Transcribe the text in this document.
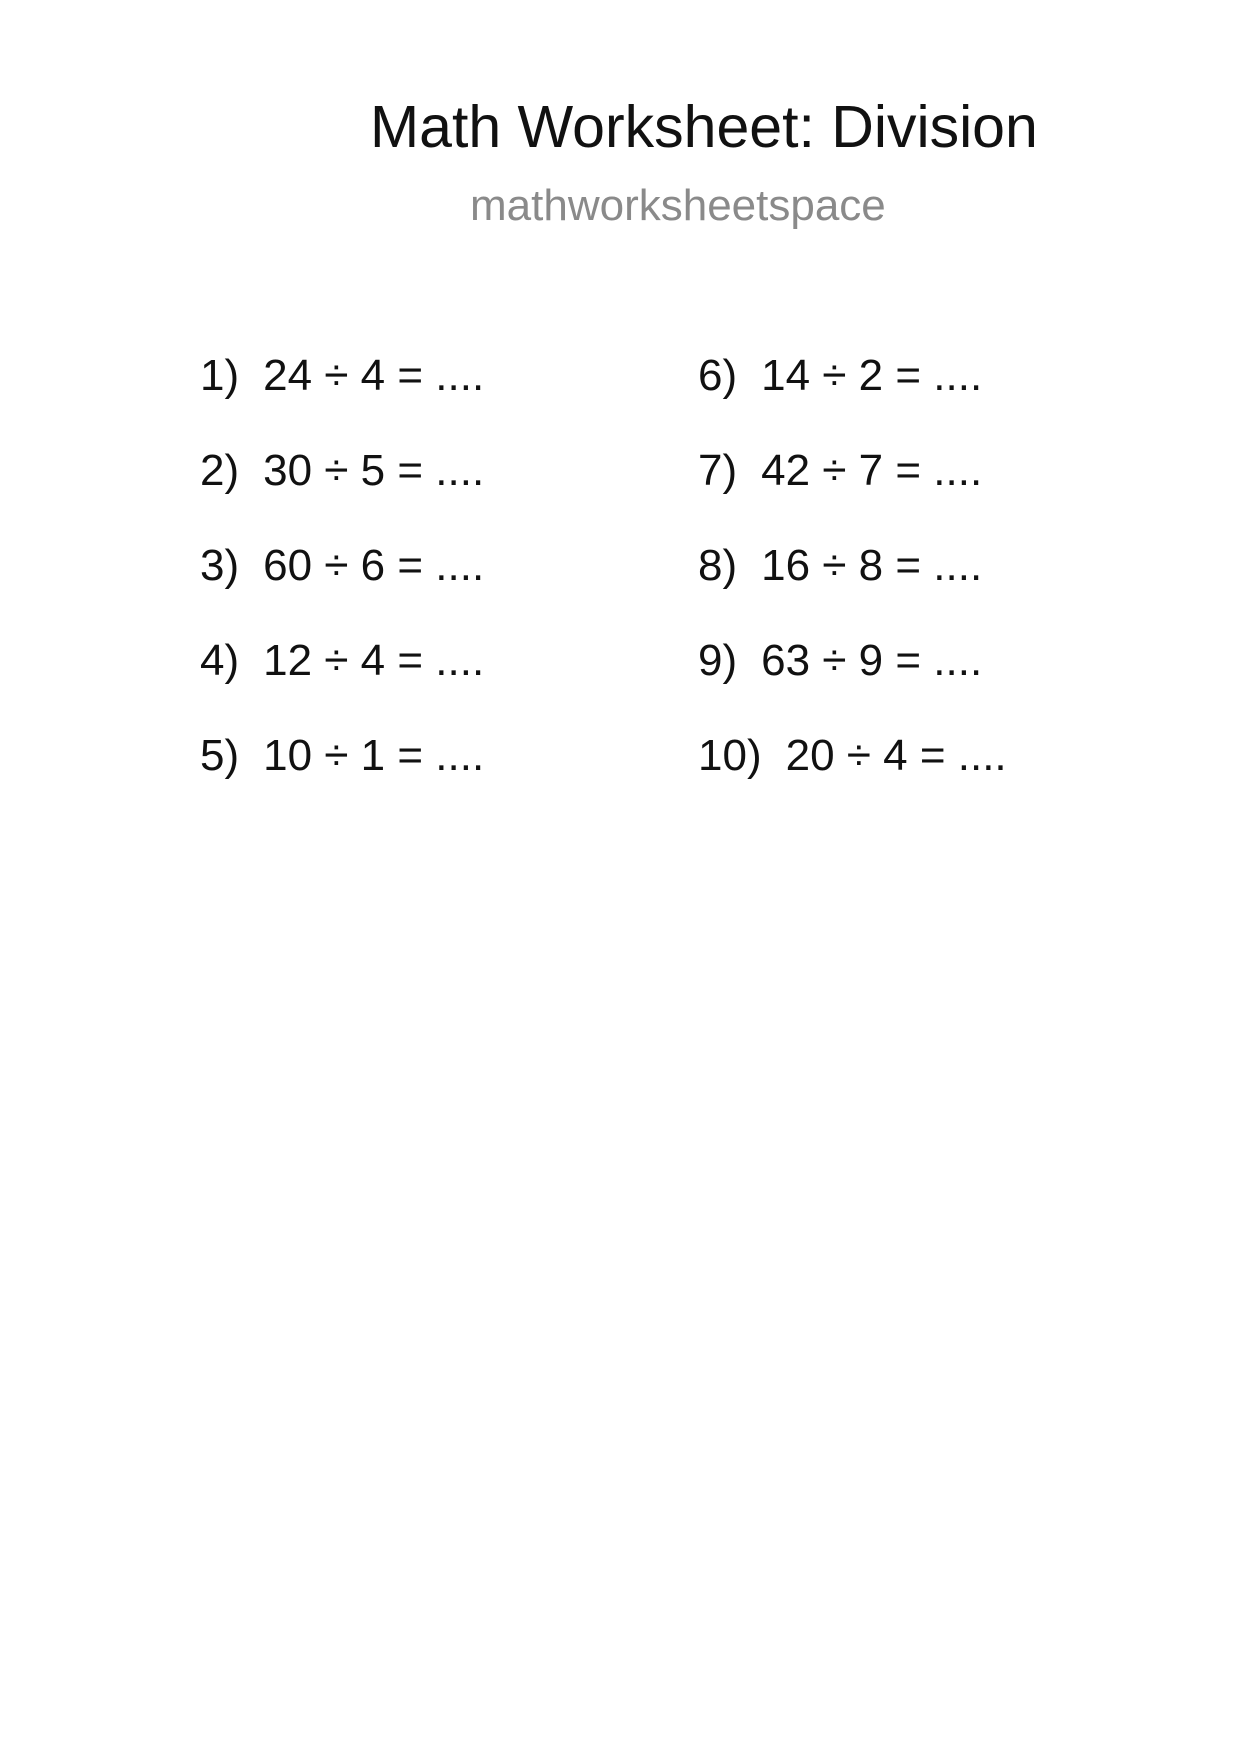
Math Worksheet: Division
mathworksheetspace
1) 24 ÷ 4 = ....
2) 30 ÷ 5 = ....
3) 60 ÷ 6 = ....
4) 12 ÷ 4 = ....
5) 10 ÷ 1 = ....
6) 14 ÷ 2 = ....
7) 42 ÷ 7 = ....
8) 16 ÷ 8 = ....
9) 63 ÷ 9 = ....
10) 20 ÷ 4 = ....
